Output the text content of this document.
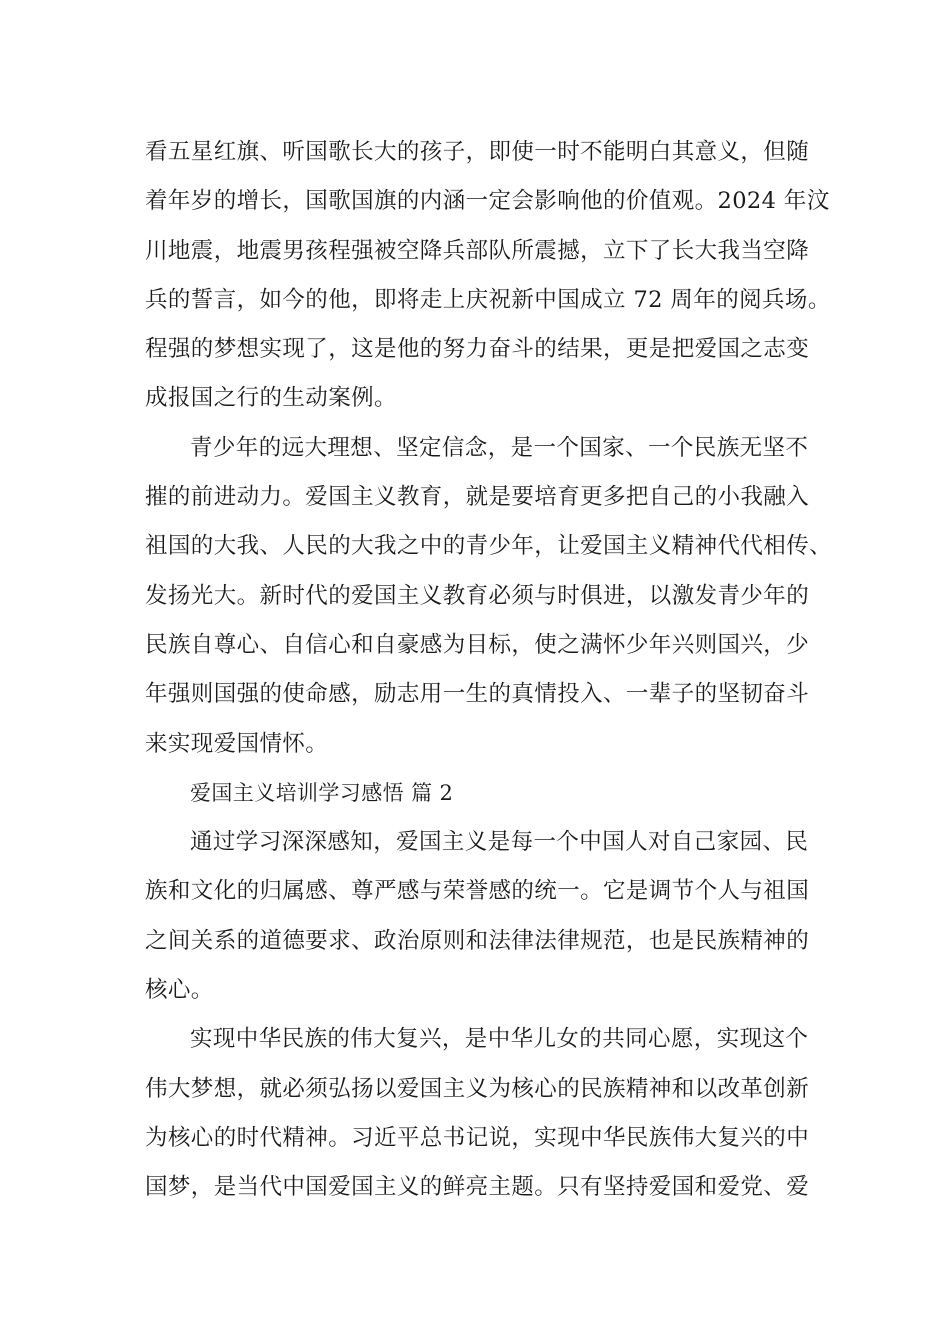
看五星红旗、听国歌长大的孩子，即使一时不能明白其意义，但随
着年岁的增长，国歌国旗的内涵一定会影响他的价值观。2024 年汶
川地震，地震男孩程强被空降兵部队所震撼，立下了长大我当空降
兵的誓言，如今的他，即将走上庆祝新中国成立 72 周年的阅兵场。
程强的梦想实现了，这是他的努力奋斗的结果，更是把爱国之志变
成报国之行的生动案例。

青少年的远大理想、坚定信念，是一个国家、一个民族无坚不
摧的前进动力。爱国主义教育，就是要培育更多把自己的小我融入
祖国的大我、人民的大我之中的青少年，让爱国主义精神代代相传、
发扬光大。新时代的爱国主义教育必须与时俱进，以激发青少年的
民族自尊心、自信心和自豪感为目标，使之满怀少年兴则国兴，少
年强则国强的使命感，励志用一生的真情投入、一辈子的坚韧奋斗
来实现爱国情怀。

爱国主义培训学习感悟 篇 2

通过学习深深感知，爱国主义是每一个中国人对自己家园、民
族和文化的归属感、尊严感与荣誉感的统一。它是调节个人与祖国
之间关系的道德要求、政治原则和法律法律规范，也是民族精神的
核心。

实现中华民族的伟大复兴，是中华儿女的共同心愿，实现这个
伟大梦想，就必须弘扬以爱国主义为核心的民族精神和以改革创新
为核心的时代精神。习近平总书记说，实现中华民族伟大复兴的中
国梦，是当代中国爱国主义的鲜亮主题。只有坚持爱国和爱党、爱
